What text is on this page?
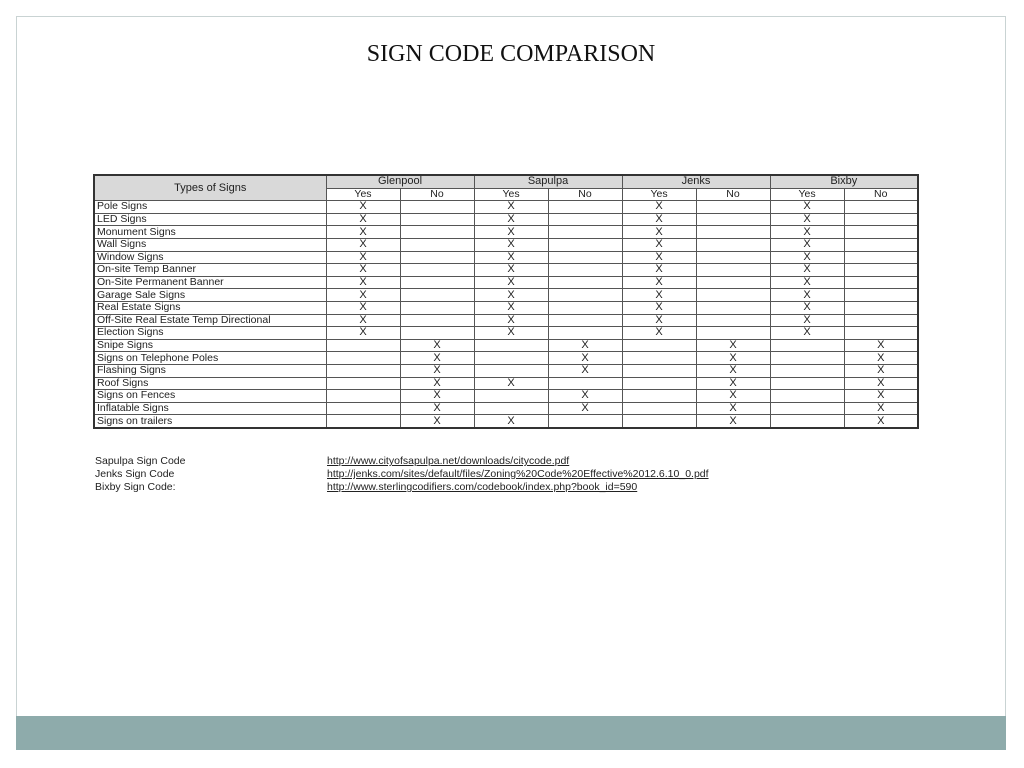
SIGN CODE COMPARISON
Types of Signs	Glenpool		Sapulpa		Jenks		Bixby	
	Yes	No	Yes	No	Yes	No	Yes	No
Pole Signs	X		X		X		X	
LED Signs	X		X		X		X	
Monument Signs	X		X		X		X	
Wall Signs	X		X		X		X	
Window Signs	X		X		X		X	
On-site Temp Banner	X		X		X		X	
On-Site Permanent Banner	X		X		X		X	
Garage Sale Signs	X		X		X		X	
Real Estate Signs	X		X		X		X	
Off-Site Real Estate Temp Directional	X		X		X		X	
Election Signs	X		X		X		X	
Snipe Signs		X		X		X		X
Signs on Telephone Poles		X		X		X		X
Flashing Signs		X		X		X		X
Roof Signs		X	X			X		X
Signs on Fences		X		X		X		X
Inflatable Signs		X		X		X		X
Signs on trailers		X	X			X		X
Sapulpa Sign Code	http://www.cityofsapulpa.net/downloads/citycode.pdf
Jenks Sign Code	http://jenks.com/sites/default/files/Zoning%20Code%20Effective%2012.6.10_0.pdf
Bixby Sign Code:	http://www.sterlingcodifiers.com/codebook/index.php?book_id=590
